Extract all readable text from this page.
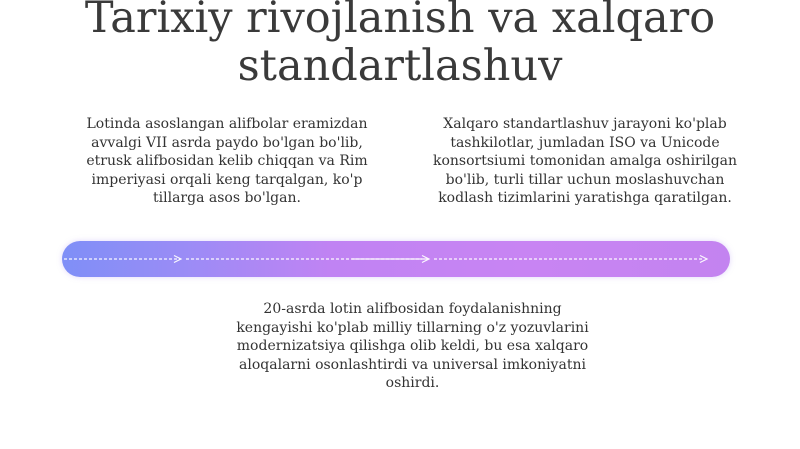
Tarixiy rivojlanish va xalqaro
standartlashuv

Lotinda asoslangan alifbolar eramizdan avvalgi VII asrda paydo bo'lgan bo'lib, etrusk alifbosidan kelib chiqqan va Rim imperiyasi orqali keng tarqalgan, ko'p tillarga asos bo'lgan.

Xalqaro standartlashuv jarayoni ko'plab tashkilotlar, jumladan ISO va Unicode konsortsiumi tomonidan amalga oshirilgan bo'lib, turli tillar uchun moslashuvchan kodlash tizimlarini yaratishga qaratilgan.

20-asrda lotin alifbosidan foydalanishning kengayishi ko'plab milliy tillarning o'z yozuvlarini modernizatsiya qilishga olib keldi, bu esa xalqaro aloqalarni osonlashtirdi va universal imkoniyatni oshirdi.
